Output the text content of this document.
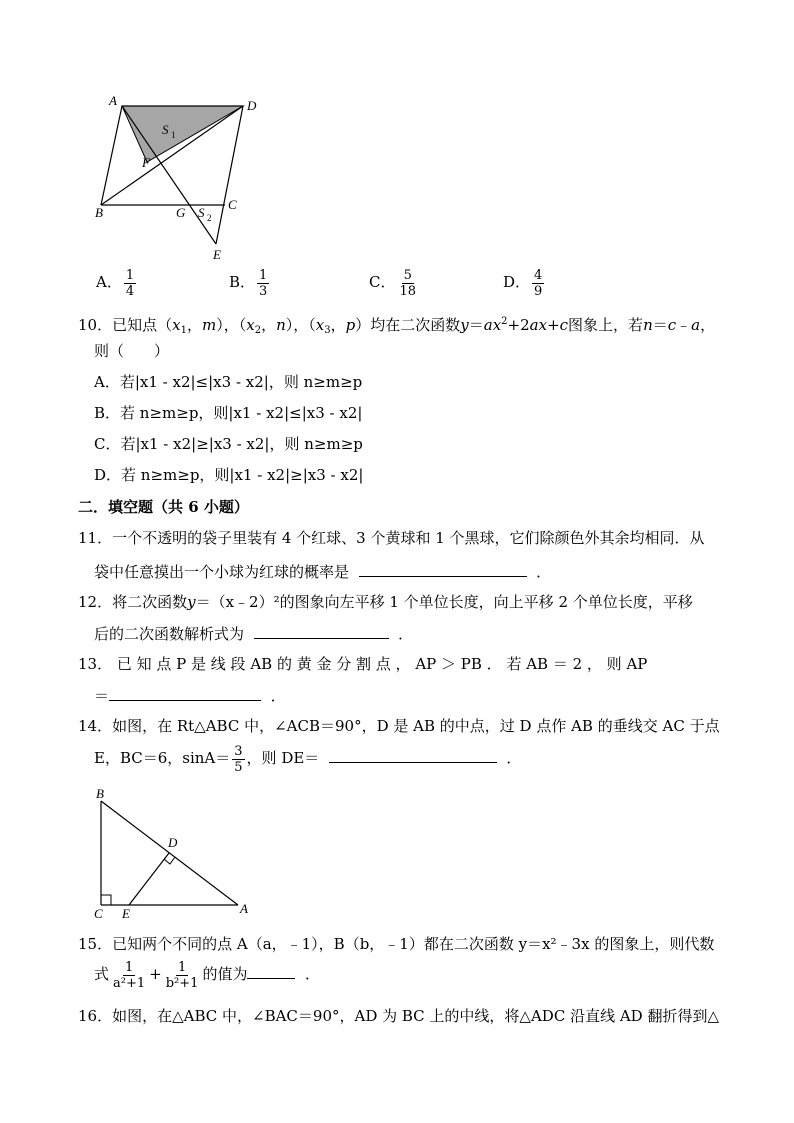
A	D
S 1
F
B	G S 2
C
E
A． $\frac{1}{4}$	B． $\frac{1}{3}$	C． $\frac{5}{18}$	D． $\frac{4}{9}$
10．已知点（$x_1$，m），（$x_2$，n），（$x_3$，p）均在二次函数$y=ax^2+2ax+c$图象上，若n＝c﹣a，
则（　　）
A．若|x1 - x2|≤|x3 - x2|，则 n≥m≥p
B．若 n≥m≥p，则|x1 - x2|≤|x3 - x2|
C．若|x1 - x2|≥|x3 - x2|，则 n≥m≥p
D．若 n≥m≥p，则|x1 - x2|≥|x3 - x2|
二．填空题（共 6 小题）
11．一个不透明的袋子里装有 4 个红球、3 个黄球和 1 个黑球，它们除颜色外其余均相同．从
袋中任意摸出一个小球为红球的概率是	．
12．将二次函数y＝（x﹣2）²的图象向左平移 1 个单位长度，向上平移 2 个单位长度，平移
后的二次函数解析式为	．
13． 已 知 点 P 是 线 段 AB 的 黄 金 分 割 点 ， AP ＞ PB ． 若 AB ＝ 2 ， 则 AP
＝	．
14．如图，在 Rt△ABC 中，∠ACB＝90°，D 是 AB 的中点，过 D 点作 AB 的垂线交 AC 于点
E，BC＝6，$\sin A= \frac{3}{5}$ ，则 DE＝	．
B
D
C E	A
15．已知两个不同的点 A（a，﹣1），B（b，﹣1）都在二次函数 y＝x²﹣3x 的图象上，则代数
式 $\frac{1}{\text{a²+1}} + \frac{1}{\text{b²+1}}$ 的值为	．
16．如图，在△ABC 中，∠BAC＝90°，AD 为 BC 上的中线，将△ADC 沿直线 AD 翻折得到△
